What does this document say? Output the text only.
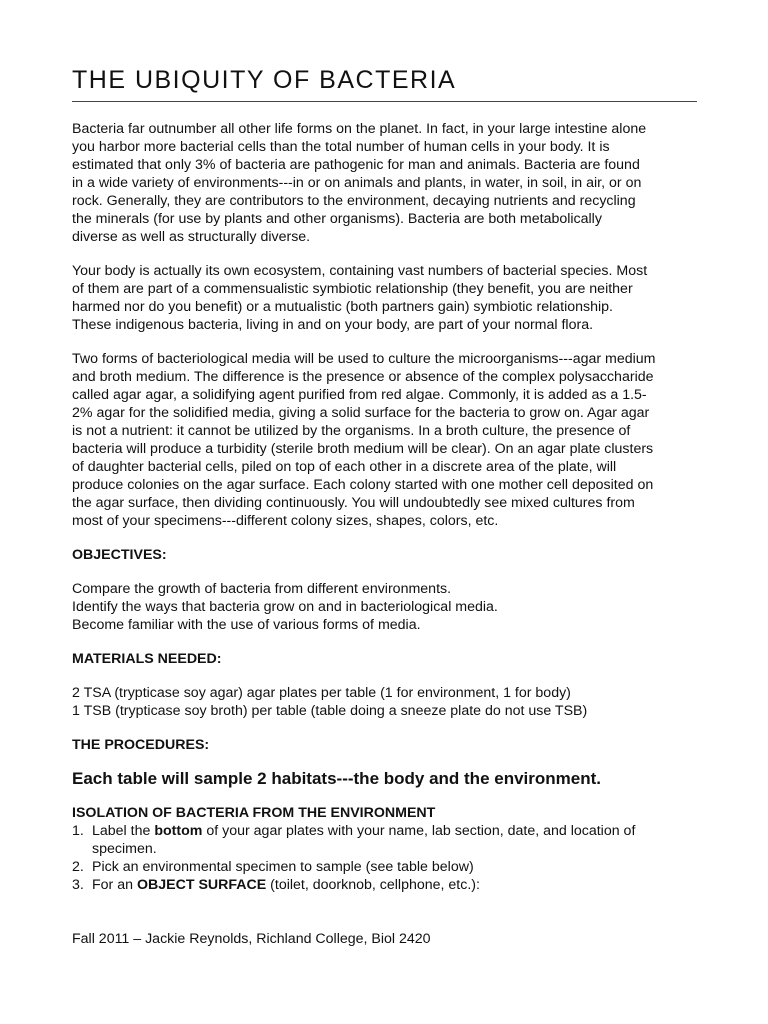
THE UBIQUITY OF BACTERIA

Bacteria far outnumber all other life forms on the planet. In fact, in your large intestine alone
you harbor more bacterial cells than the total number of human cells in your body. It is
estimated that only 3% of bacteria are pathogenic for man and animals. Bacteria are found
in a wide variety of environments---in or on animals and plants, in water, in soil, in air, or on
rock. Generally, they are contributors to the environment, decaying nutrients and recycling
the minerals (for use by plants and other organisms). Bacteria are both metabolically
diverse as well as structurally diverse.

Your body is actually its own ecosystem, containing vast numbers of bacterial species. Most
of them are part of a commensualistic symbiotic relationship (they benefit, you are neither
harmed nor do you benefit) or a mutualistic (both partners gain) symbiotic relationship.
These indigenous bacteria, living in and on your body, are part of your normal flora.

Two forms of bacteriological media will be used to culture the microorganisms---agar medium
and broth medium. The difference is the presence or absence of the complex polysaccharide
called agar agar, a solidifying agent purified from red algae. Commonly, it is added as a 1.5-
2% agar for the solidified media, giving a solid surface for the bacteria to grow on. Agar agar
is not a nutrient: it cannot be utilized by the organisms. In a broth culture, the presence of
bacteria will produce a turbidity (sterile broth medium will be clear). On an agar plate clusters
of daughter bacterial cells, piled on top of each other in a discrete area of the plate, will
produce colonies on the agar surface. Each colony started with one mother cell deposited on
the agar surface, then dividing continuously. You will undoubtedly see mixed cultures from
most of your specimens---different colony sizes, shapes, colors, etc.

OBJECTIVES:

Compare the growth of bacteria from different environments.
Identify the ways that bacteria grow on and in bacteriological media.
Become familiar with the use of various forms of media.

MATERIALS NEEDED:

2 TSA (trypticase soy agar) agar plates per table (1 for environment, 1 for body)
1 TSB (trypticase soy broth) per table (table doing a sneeze plate do not use TSB)

THE PROCEDURES:

Each table will sample 2 habitats---the body and the environment.

ISOLATION OF BACTERIA FROM THE ENVIRONMENT
1. Label the bottom of your agar plates with your name, lab section, date, and location of
specimen.
2. Pick an environmental specimen to sample (see table below)
3. For an OBJECT SURFACE (toilet, doorknob, cellphone, etc.):
Fall 2011 – Jackie Reynolds, Richland College, Biol 2420
